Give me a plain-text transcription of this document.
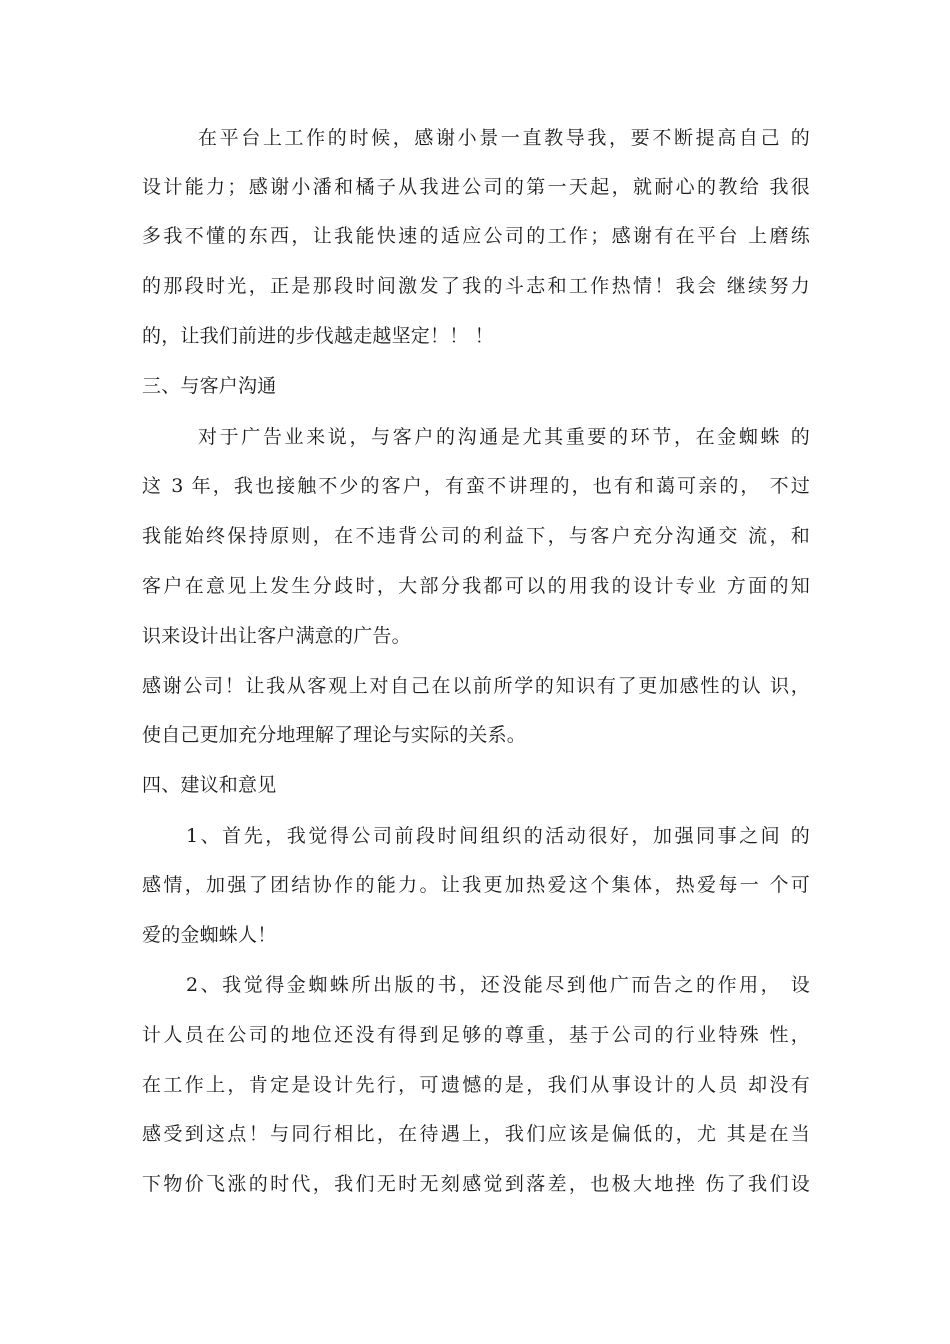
在平台上工作的时候，感谢小景一直教导我，要不断提高自己 的

设计能力；感谢小潘和橘子从我进公司的第一天起，就耐心的教给 我很

多我不懂的东西，让我能快速的适应公司的工作；感谢有在平台 上磨练

的那段时光，正是那段时间激发了我的斗志和工作热情！我会 继续努力

的，让我们前进的步伐越走越坚定！！ ！

三、与客户沟通

对于广告业来说，与客户的沟通是尤其重要的环节，在金蜘蛛 的

这 3 年，我也接触不少的客户，有蛮不讲理的，也有和蔼可亲的， 不过

我能始终保持原则，在不违背公司的利益下，与客户充分沟通交 流，和

客户在意见上发生分歧时，大部分我都可以的用我的设计专业 方面的知

识来设计出让客户满意的广告。

感谢公司！让我从客观上对自己在以前所学的知识有了更加感性的认 识，

使自己更加充分地理解了理论与实际的关系。

四、建议和意见

1、首先，我觉得公司前段时间组织的活动很好，加强同事之间 的

感情，加强了团结协作的能力。让我更加热爱这个集体，热爱每一 个可

爱的金蜘蛛人！

2、我觉得金蜘蛛所出版的书，还没能尽到他广而告之的作用， 设

计人员在公司的地位还没有得到足够的尊重，基于公司的行业特殊 性，

在工作上，肯定是设计先行，可遗憾的是，我们从事设计的人员 却没有

感受到这点！与同行相比，在待遇上，我们应该是偏低的，尤 其是在当

下物价飞涨的时代，我们无时无刻感觉到落差，也极大地挫 伤了我们设
